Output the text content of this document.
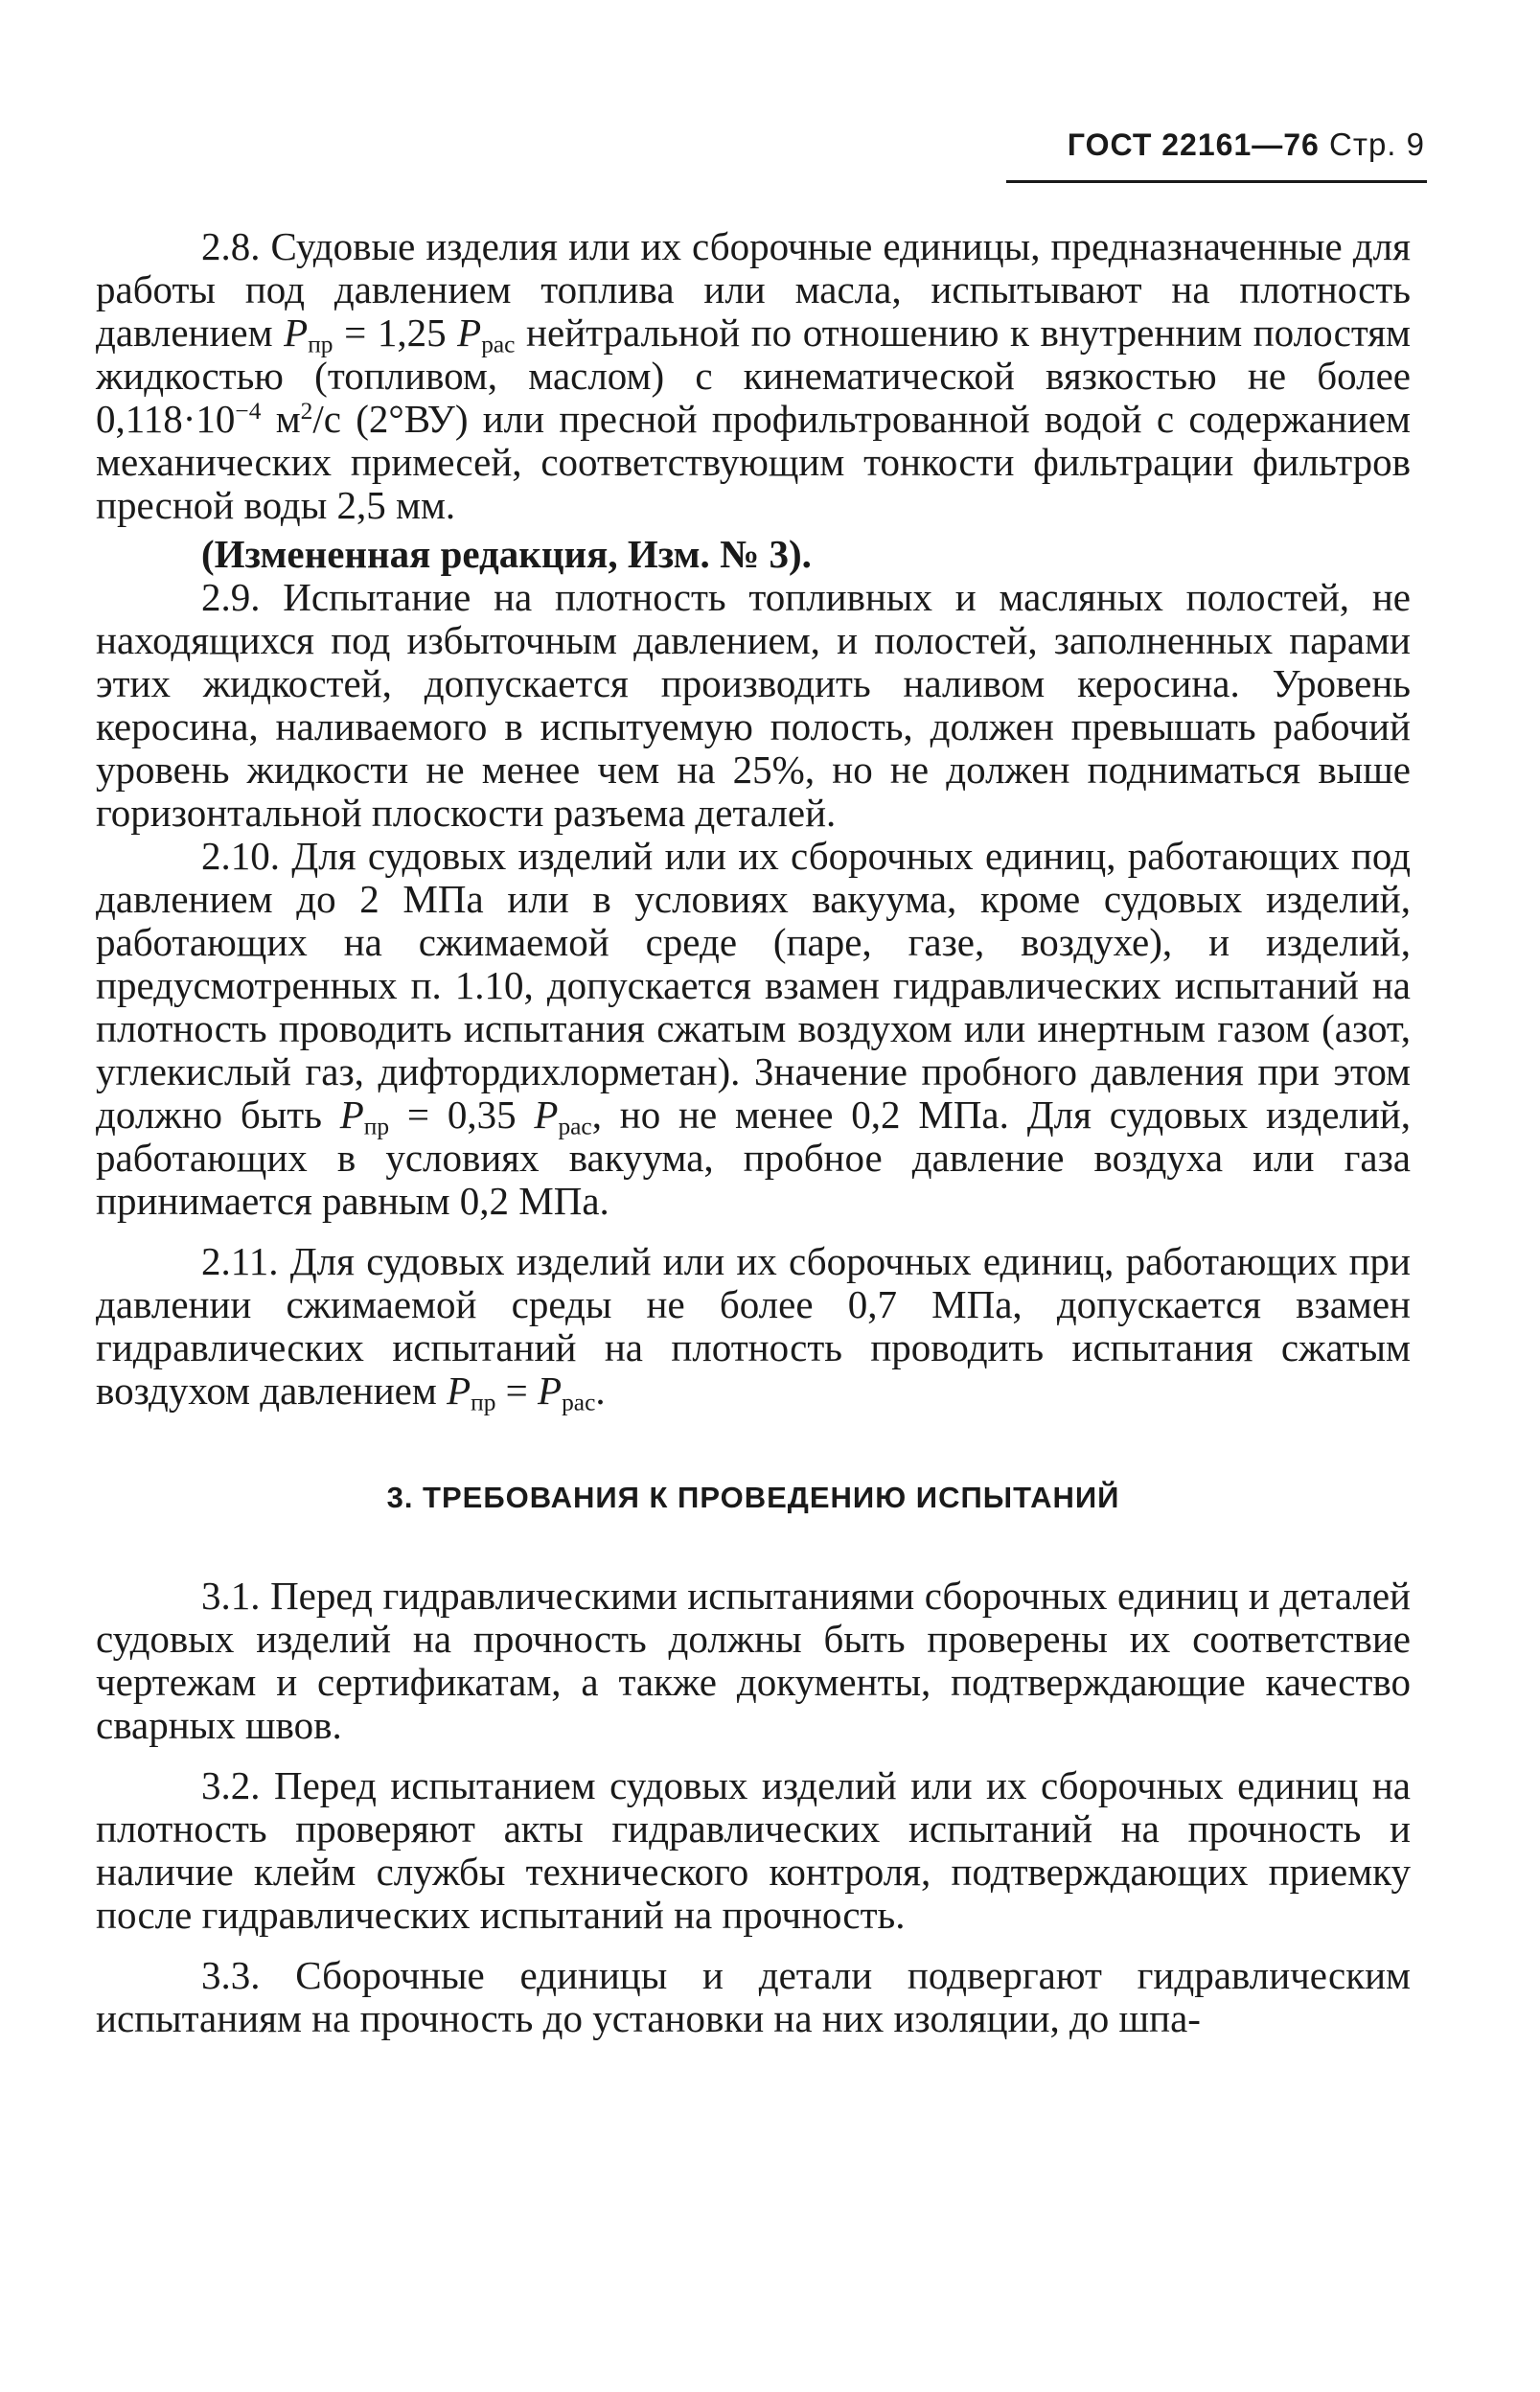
ГОСТ 22161—76 Стр. 9

2.8. Судовые изделия или их сборочные единицы, предназначенные для работы под давлением топлива или масла, испытывают на плотность давлением $P_{пр} = 1,25$ $P_{рас}$ нейтральной по отношению к внутренним полостям жидкостью (топливом, маслом) с кинематической вязкостью не более $0,118\cdot 10^{-4}$ $м^2/с$ (2°ВУ) или пресной профильтрованной водой с содержанием механических примесей, соответствующим тонкости фильтрации фильтров пресной воды 2,5 мм.

(Измененная редакция, Изм. № 3).

2.9. Испытание на плотность топливных и масляных полостей, не находящихся под избыточным давлением, и полостей, заполненных парами этих жидкостей, допускается производить наливом керосина. Уровень керосина, наливаемого в испытуемую полость, должен превышать рабочий уровень жидкости не менее чем на 25%, но не должен подниматься выше горизонтальной плоскости разъема деталей.

2.10. Для судовых изделий или их сборочных единиц, работающих под давлением до 2 МПа или в условиях вакуума, кроме судовых изделий, работающих на сжимаемой среде (паре, газе, воздухе), и изделий, предусмотренных п. 1.10, допускается взамен гидравлических испытаний на плотность проводить испытания сжатым воздухом или инертным газом (азот, углекислый газ, дифтордихлорметан). Значение пробного давления при этом должно быть $P_{пр} = 0,35$ $P_{рас}$, но не менее 0,2 МПа. Для судовых изделий, работающих в условиях вакуума, пробное давление воздуха или газа принимается равным 0,2 МПа.

2.11. Для судовых изделий или их сборочных единиц, работающих при давлении сжимаемой среды не более 0,7 МПа, допускается взамен гидравлических испытаний на плотность проводить испытания сжатым воздухом давлением $P_{пр} = P_{рас}$.

3. ТРЕБОВАНИЯ К ПРОВЕДЕНИЮ ИСПЫТАНИЙ

3.1. Перед гидравлическими испытаниями сборочных единиц и деталей судовых изделий на прочность должны быть проверены их соответствие чертежам и сертификатам, а также документы, подтверждающие качество сварных швов.

3.2. Перед испытанием судовых изделий или их сборочных единиц на плотность проверяют акты гидравлических испытаний на прочность и наличие клейм службы технического контроля, подтверждающих приемку после гидравлических испытаний на прочность.

3.3. Сборочные единицы и детали подвергают гидравлическим испытаниям на прочность до установки на них изоляции, до шпа-
